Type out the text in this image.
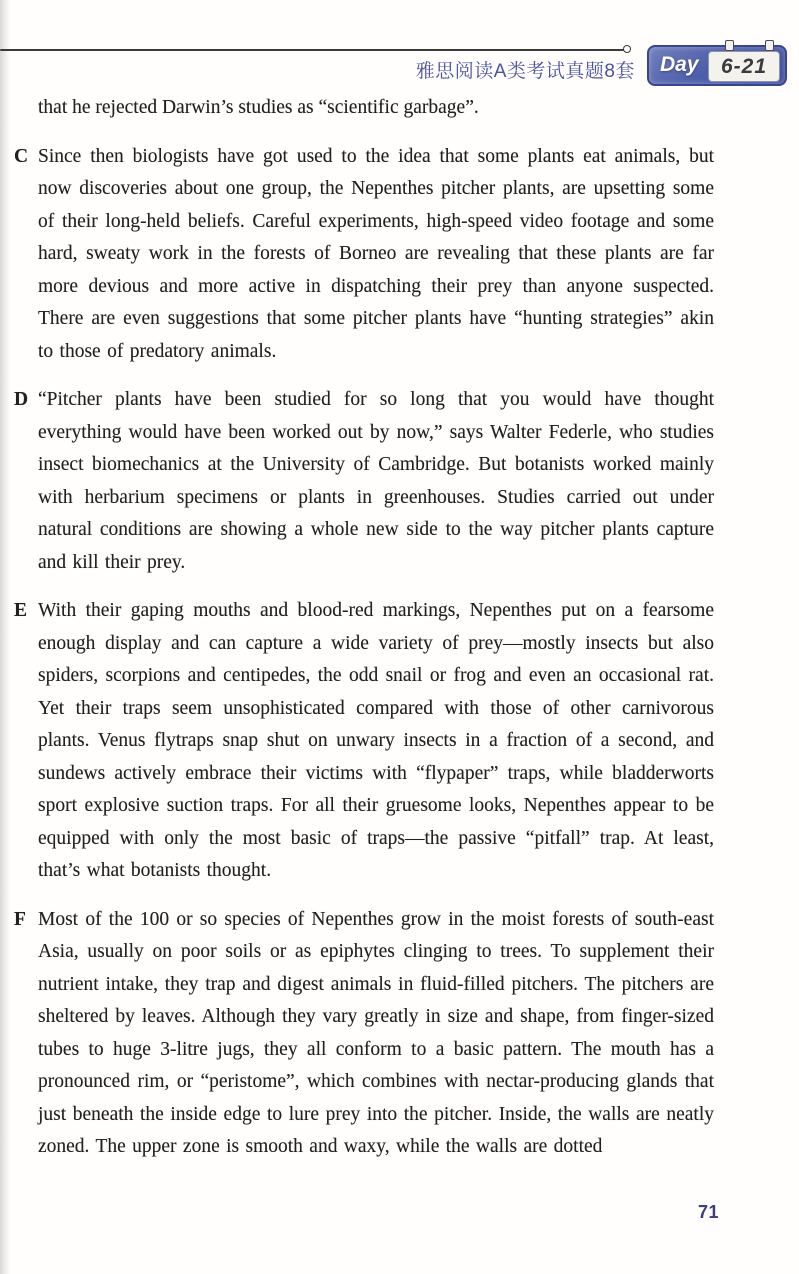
雅思阅读A类考试真题8套 Day 6-21

that he rejected Darwin’s studies as “scientific garbage”.

C Since then biologists have got used to the idea that some plants eat animals, but now discoveries about one group, the Nepenthes pitcher plants, are upsetting some of their long-held beliefs. Careful experiments, high-speed video footage and some hard, sweaty work in the forests of Borneo are revealing that these plants are far more devious and more active in dispatching their prey than anyone suspected. There are even suggestions that some pitcher plants have “hunting strategies” akin to those of predatory animals.

D “Pitcher plants have been studied for so long that you would have thought everything would have been worked out by now,” says Walter Federle, who studies insect biomechanics at the University of Cambridge. But botanists worked mainly with herbarium specimens or plants in greenhouses. Studies carried out under natural conditions are showing a whole new side to the way pitcher plants capture and kill their prey.

E With their gaping mouths and blood-red markings, Nepenthes put on a fearsome enough display and can capture a wide variety of prey—mostly insects but also spiders, scorpions and centipedes, the odd snail or frog and even an occasional rat. Yet their traps seem unsophisticated compared with those of other carnivorous plants. Venus flytraps snap shut on unwary insects in a fraction of a second, and sundews actively embrace their victims with “flypaper” traps, while bladderworts sport explosive suction traps. For all their gruesome looks, Nepenthes appear to be equipped with only the most basic of traps—the passive “pitfall” trap. At least, that’s what botanists thought.

F Most of the 100 or so species of Nepenthes grow in the moist forests of south-east Asia, usually on poor soils or as epiphytes clinging to trees. To supplement their nutrient intake, they trap and digest animals in fluid-filled pitchers. The pitchers are sheltered by leaves. Although they vary greatly in size and shape, from finger-sized tubes to huge 3-litre jugs, they all conform to a basic pattern. The mouth has a pronounced rim, or “peristome”, which combines with nectar-producing glands that just beneath the inside edge to lure prey into the pitcher. Inside, the walls are neatly zoned. The upper zone is smooth and waxy, while the walls are dotted

71
